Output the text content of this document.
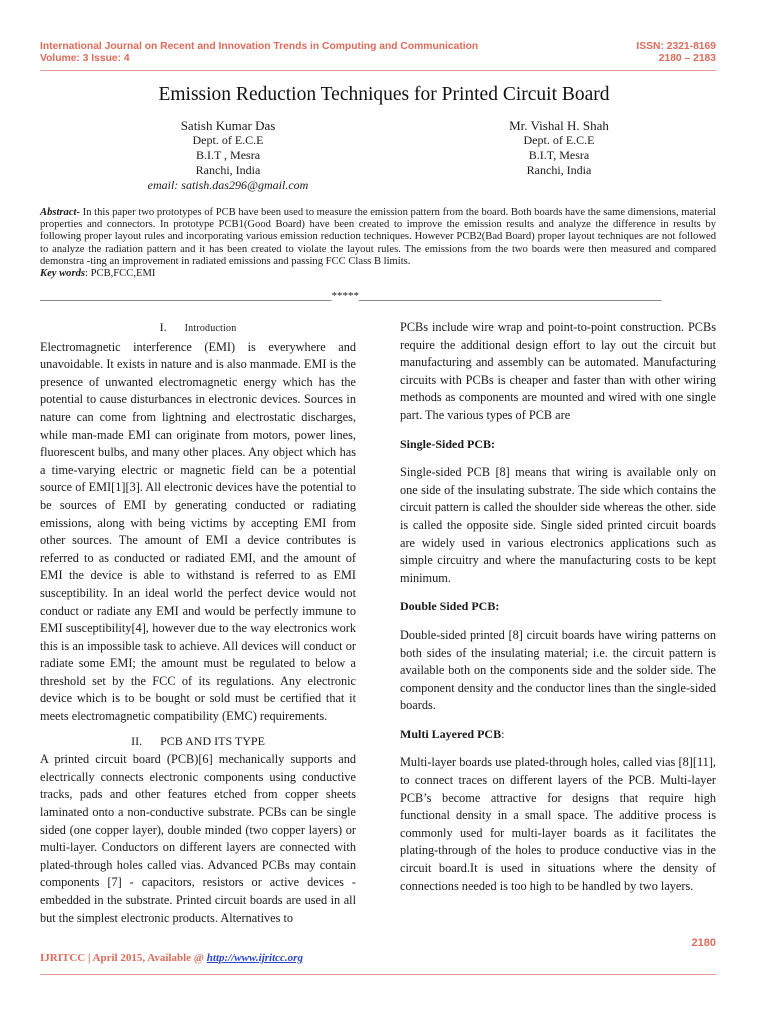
International Journal on Recent and Innovation Trends in Computing and Communication
Volume: 3 Issue: 4
ISSN: 2321-8169
2180 – 2183
Emission Reduction Techniques for Printed Circuit Board
Satish Kumar Das
Dept. of E.C.E
B.I.T , Mesra
Ranchi, India
email: satish.das296@gmail.com
Mr. Vishal H. Shah
Dept. of E.C.E
B.I.T, Mesra
Ranchi, India
Abstract- In this paper two prototypes of PCB have been used to measure the emission pattern from the board. Both boards have the same dimensions, material properties and connectors. In prototype PCB1(Good Board) have been created to improve the emission results and analyze the difference in results by following proper layout rules and incorporating various emission reduction techniques. However PCB2(Bad Board) proper layout techniques are not followed to analyze the radiation pattern and it has been created to violate the layout rules. The emissions from the two boards were then measured and compared demonstra -ting an improvement in radiated emissions and passing FCC Class B limits.
Key words: PCB,FCC,EMI
_____________________________________________________*****_______________________________________________________
I. Introduction

Electromagnetic interference (EMI) is everywhere and unavoidable. It exists in nature and is also manmade. EMI is the presence of unwanted electromagnetic energy which has the potential to cause disturbances in electronic devices. Sources in nature can come from lightning and electrostatic discharges, while man-made EMI can originate from motors, power lines, fluorescent bulbs, and many other places. Any object which has a time-varying electric or magnetic field can be a potential source of EMI[1][3]. All electronic devices have the potential to be sources of EMI by generating conducted or radiating emissions, along with being victims by accepting EMI from other sources. The amount of EMI a device contributes is referred to as conducted or radiated EMI, and the amount of EMI the device is able to withstand is referred to as EMI susceptibility. In an ideal world the perfect device would not conduct or radiate any EMI and would be perfectly immune to EMI susceptibility[4], however due to the way electronics work this is an impossible task to achieve. All devices will conduct or radiate some EMI; the amount must be regulated to below a threshold set by the FCC of its regulations. Any electronic device which is to be bought or sold must be certified that it meets electromagnetic compatibility (EMC) requirements.

II. PCB AND ITS TYPE

A printed circuit board (PCB)[6] mechanically supports and electrically connects electronic components using conductive tracks, pads and other features etched from copper sheets laminated onto a non-conductive substrate. PCBs can be single sided (one copper layer), double minded (two copper layers) or multi-layer. Conductors on different layers are connected with plated-through holes called vias. Advanced PCBs may contain components [7] - capacitors, resistors or active devices - embedded in the substrate. Printed circuit boards are used in all but the simplest electronic products. Alternatives to

PCBs include wire wrap and point-to-point construction. PCBs require the additional design effort to lay out the circuit but manufacturing and assembly can be automated. Manufacturing circuits with PCBs is cheaper and faster than with other wiring methods as components are mounted and wired with one single part. The various types of PCB are

Single-Sided PCB:

Single-sided PCB [8] means that wiring is available only on one side of the insulating substrate. The side which contains the circuit pattern is called the shoulder side whereas the other. side is called the opposite side. Single sided printed circuit boards are widely used in various electronics applications such as simple circuitry and where the manufacturing costs to be kept minimum.

Double Sided PCB:

Double-sided printed [8] circuit boards have wiring patterns on both sides of the insulating material; i.e. the circuit pattern is available both on the components side and the solder side. The component density and the conductor lines than the single-sided boards.

Multi Layered PCB:

Multi-layer boards use plated-through holes, called vias [8][11], to connect traces on different layers of the PCB. Multi-layer PCB’s become attractive for designs that require high functional density in a small space. The additive process is commonly used for multi-layer boards as it facilitates the plating-through of the holes to produce conductive vias in the circuit board.It is used in situations where the density of connections needed is too high to be handled by two layers.

2180
IJRITCC | April 2015, Available @ http://www.ijritcc.org
